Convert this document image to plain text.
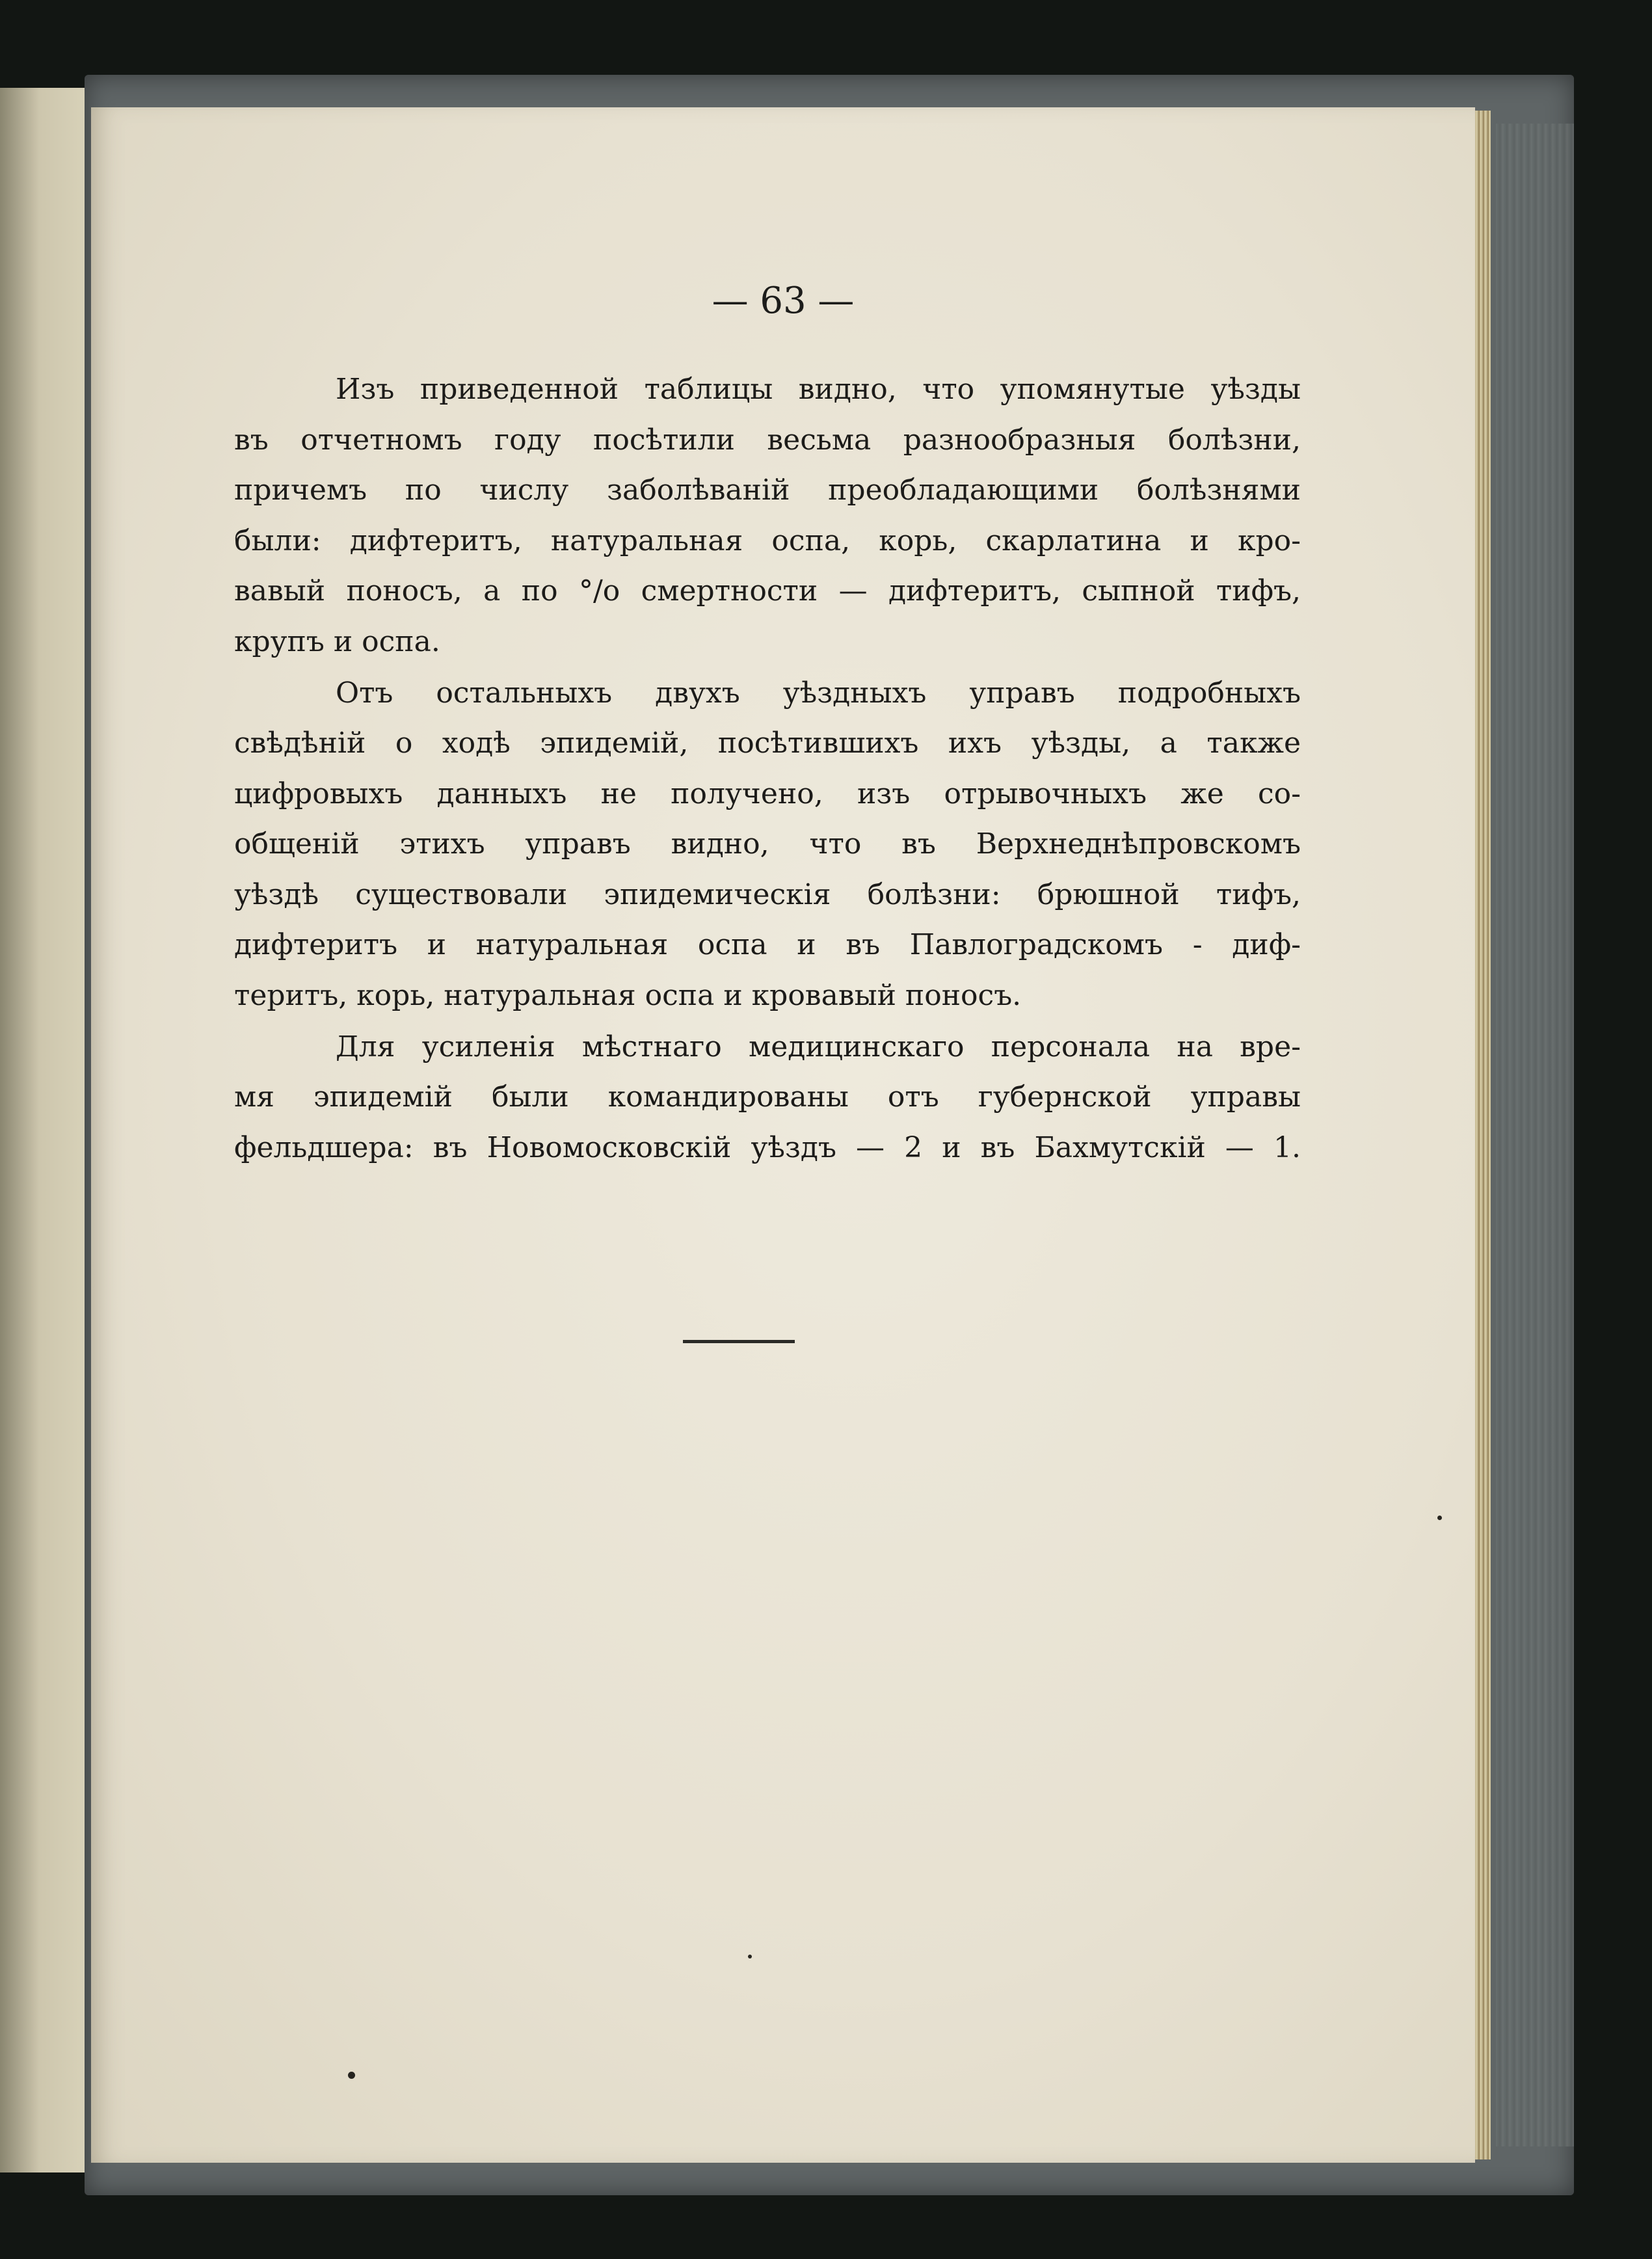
— 63 —

Изъ приведенной таблицы видно, что упомянутые уѣзды
въ отчетномъ году посѣтили весьма разнообразныя болѣзни,
причемъ по числу заболѣваній преобладающими болѣзнями
были: дифтеритъ, натуральная оспа, корь, скарлатина и кро-
вавый поносъ, а по °/о смертности — дифтеритъ, сыпной тифъ,
крупъ и оспа.

Отъ остальныхъ двухъ уѣздныхъ управъ подробныхъ
свѣдѣній о ходѣ эпидемій, посѣтившихъ ихъ уѣзды, а также
цифровыхъ данныхъ не получено, изъ отрывочныхъ же со-
общеній этихъ управъ видно, что въ Верхнеднѣпровскомъ
уѣздѣ существовали эпидемическія болѣзни: брюшной тифъ,
дифтеритъ и натуральная оспа и въ Павлоградскомъ - диф-
теритъ, корь, натуральная оспа и кровавый поносъ.

Для усиленія мѣстнаго медицинскаго персонала на вре-
мя эпидемій были командированы отъ губернской управы
фельдшера: въ Новомосковскій уѣздъ — 2 и въ Бахмутскій — 1.
